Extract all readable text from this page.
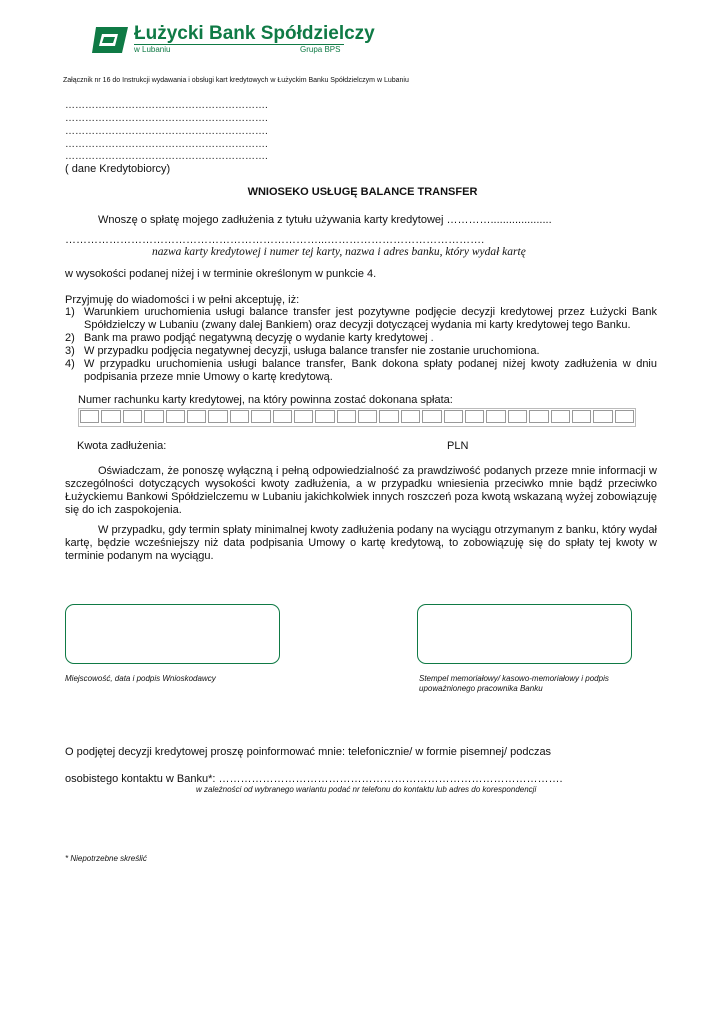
Łużycki Bank Spółdzielczy
w Lubaniu	Grupa BPS
Załącznik nr 16 do Instrukcji wydawania i obsługi kart kredytowych w Łużyckim Banku Spółdzielczym w Lubaniu
…………………………………………………….
…………………………………………………….
…………………………………………………….
…………………………………………………….
…………………………………………………….
( dane Kredytobiorcy)
WNIOSEKO USŁUGĘ BALANCE TRANSFER
Wnoszę o spłatę mojego zadłużenia z tytułu używania karty kredytowej …………....................
……………………………………………………………...…………………………………….
nazwa karty kredytowej i numer tej karty, nazwa i adres banku, który wydał kartę
w wysokości podanej niżej i w terminie określonym w punkcie 4.
Przyjmuję do wiadomości i w pełni akceptuję, iż:
1) Warunkiem uruchomienia usługi balance transfer jest pozytywne podjęcie decyzji kredytowej przez Łużycki Bank Spółdzielczy w Lubaniu (zwany dalej Bankiem) oraz decyzji dotyczącej wydania mi karty kredytowej tego Banku.
2) Bank ma prawo podjąć negatywną decyzję o wydanie karty kredytowej .
3) W przypadku podjęcia negatywnej decyzji, usługa balance transfer nie zostanie uruchomiona.
4) W przypadku uruchomienia usługi balance transfer, Bank dokona spłaty podanej niżej kwoty zadłużenia w dniu podpisania przeze mnie Umowy o kartę kredytową.
Numer rachunku karty kredytowej, na który powinna zostać dokonana spłata:
Kwota zadłużenia:	PLN
Oświadczam, że ponoszę wyłączną i pełną odpowiedzialność za prawdziwość podanych przeze mnie informacji w szczególności dotyczących wysokości kwoty zadłużenia, a w przypadku wniesienia przeciwko mnie bądź przeciwko Łużyckiemu Bankowi Spółdzielczemu w Lubaniu jakichkolwiek innych roszczeń poza kwotą wskazaną wyżej zobowiązuję się do ich zaspokojenia.
W przypadku, gdy termin spłaty minimalnej kwoty zadłużenia podany na wyciągu otrzymanym z banku, który wydał kartę, będzie wcześniejszy niż data podpisania Umowy o kartę kredytową, to zobowiązuję się do spłaty tej kwoty w terminie podanym na wyciągu.
Miejscowość, data i podpis Wnioskodawcy	Stempel memoriałowy/ kasowo-memoriałowy i podpis
upoważnionego pracownika Banku
O podjętej decyzji kredytowej proszę poinformować mnie: telefonicznie/ w formie pisemnej/ podczas
osobistego kontaktu w Banku*: ………………………………………………………………………………….
w zależności od wybranego wariantu podać nr telefonu do kontaktu lub adres do korespondencji
* Niepotrzebne skreślić
